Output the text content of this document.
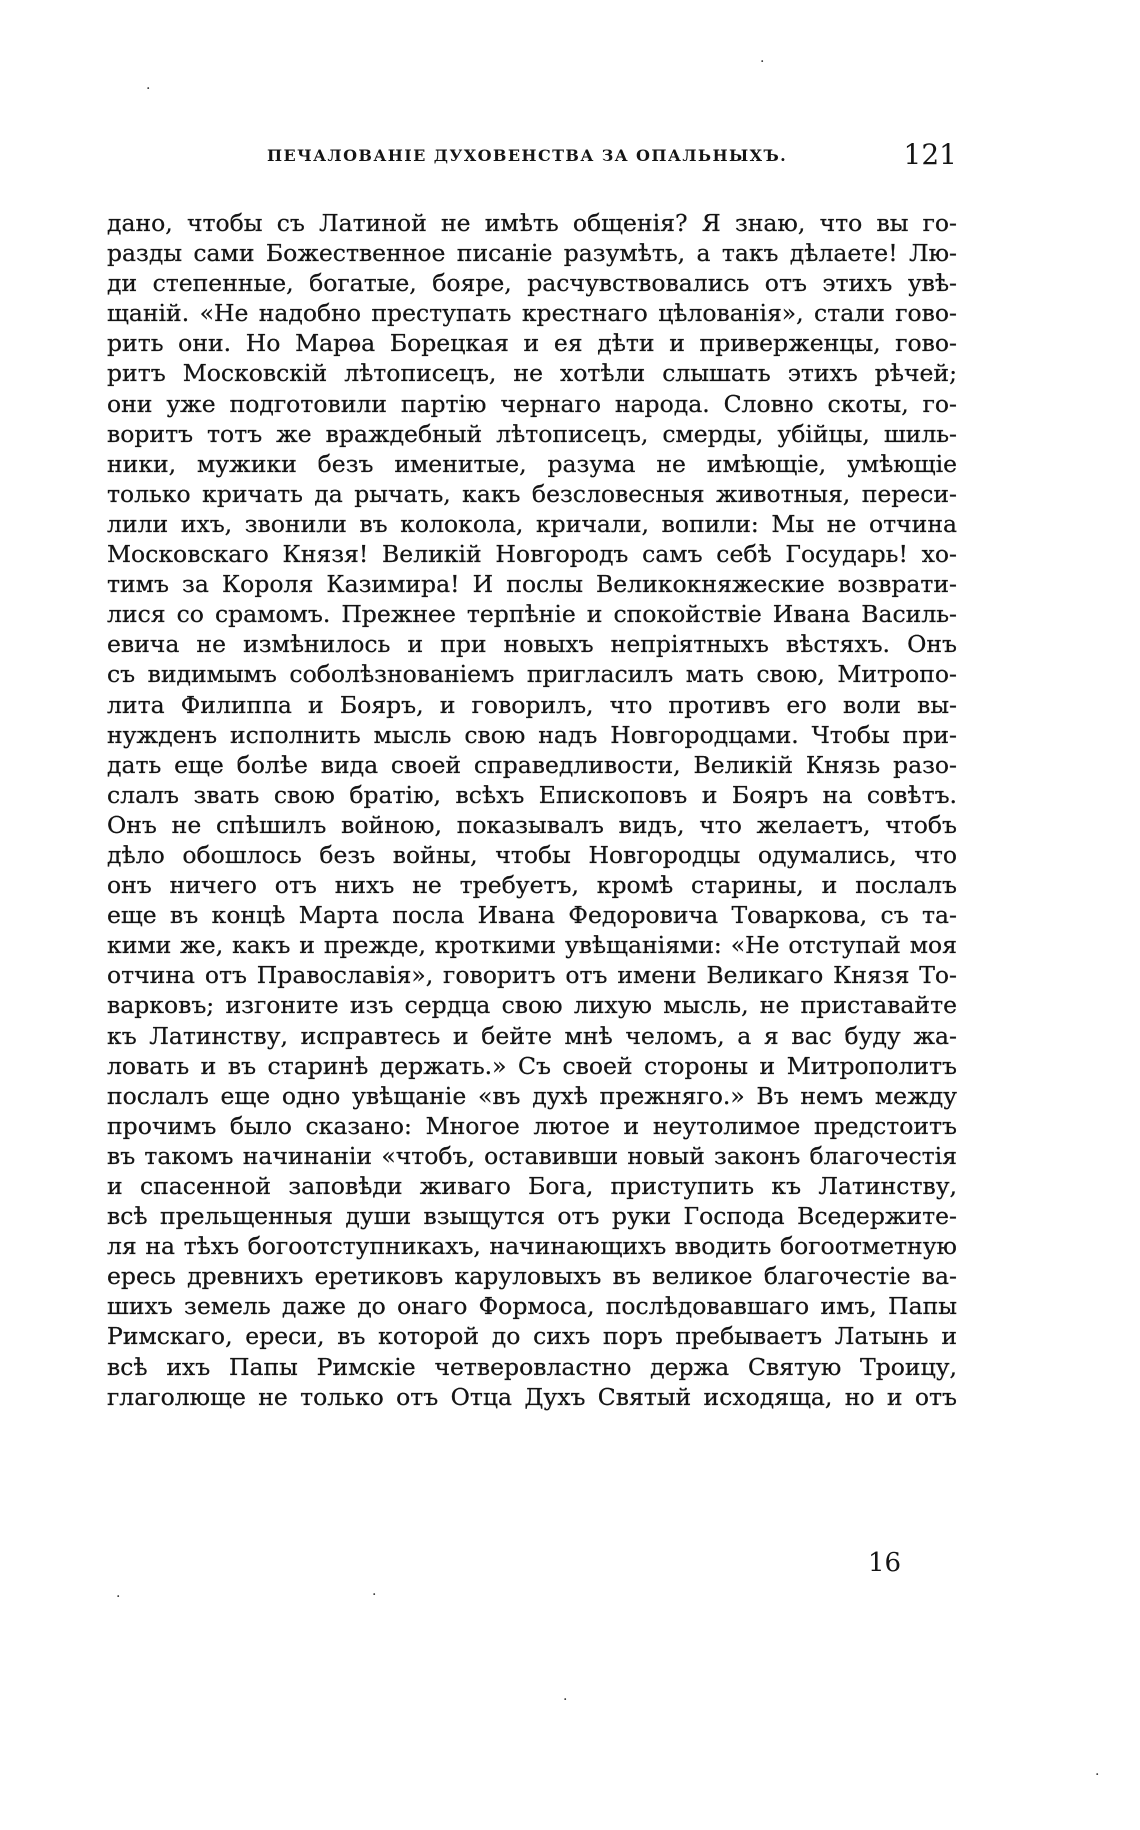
ПЕЧАЛОВАНІЕ ДУХОВЕНСТВА ЗА ОПАЛЬНЫХЪ.	121
дано, чтобы съ Латиной не имѣть общенія? Я знаю, что вы го-
разды сами Божественное писаніе разумѣть, а такъ дѣлаете! Лю-
ди степенные, богатые, бояре, расчувствовались отъ этихъ увѣ-
щаній. «Не надобно преступать крестнаго цѣлованія», стали гово-
рить они. Но Марѳа Борецкая и ея дѣти и приверженцы, гово-
ритъ Московскій лѣтописецъ, не хотѣли слышать этихъ рѣчей;
они уже подготовили партію чернаго народа. Словно скоты, го-
воритъ тотъ же враждебный лѣтописецъ, смерды, убійцы, шиль-
ники, мужики безъ именитые, разума не имѣющіе, умѣющіе
только кричать да рычать, какъ безсловесныя животныя, переси-
лили ихъ, звонили въ колокола, кричали, вопили: Мы не отчина
Московскаго Князя! Великій Новгородъ самъ себѣ Государь! хо-
тимъ за Короля Казимира! И послы Великокняжеские возврати-
лися со срамомъ. Прежнее терпѣніе и спокойствіе Ивана Василь-
евича не измѣнилось и при новыхъ непріятныхъ вѣстяхъ. Онъ
съ видимымъ соболѣзнованіемъ пригласилъ мать свою, Митропо-
лита Филиппа и Бояръ, и говорилъ, что противъ его воли вы-
нужденъ исполнить мысль свою надъ Новгородцами. Чтобы при-
дать еще болѣе вида своей справедливости, Великій Князь разо-
слалъ звать свою братію, всѣхъ Епископовъ и Бояръ на совѣтъ.
Онъ не спѣшилъ войною, показывалъ видъ, что желаетъ, чтобъ
дѣло обошлось безъ войны, чтобы Новгородцы одумались, что
онъ ничего отъ нихъ не требуетъ, кромѣ старины, и послалъ
еще въ концѣ Марта посла Ивана Федоровича Товаркова, съ та-
кими же, какъ и прежде, кроткими увѣщаніями: «Не отступай моя
отчина отъ Православія», говоритъ отъ имени Великаго Князя То-
варковъ; изгоните изъ сердца свою лихую мысль, не приставайте
къ Латинству, исправтесь и бейте мнѣ челомъ, а я вас буду жа-
ловать и въ старинѣ держать.» Съ своей стороны и Митрополитъ
послалъ еще одно увѣщаніе «въ духѣ прежняго.» Въ немъ между
прочимъ было сказано: Многое лютое и неутолимое предстоитъ
въ такомъ начинаніи «чтобъ, оставивши новый законъ благочестія
и спасенной заповѣди живаго Бога, приступить къ Латинству,
всѣ прельщенныя души взыщутся отъ руки Господа Вседержите-
ля на тѣхъ богоотступникахъ, начинающихъ вводить богоотметную
ересь древнихъ еретиковъ каруловыхъ въ великое благочестіе ва-
шихъ земель даже до онаго Формоса, послѣдовавшаго имъ, Папы
Римскаго, ереси, въ которой до сихъ поръ пребываетъ Латынь и
всѣ ихъ Папы Римскіе четверовластно держа Святую Троицу,
глаголюще не только отъ Отца Духъ Святый исходяща, но и отъ
16
·
·
·	·
·
·
